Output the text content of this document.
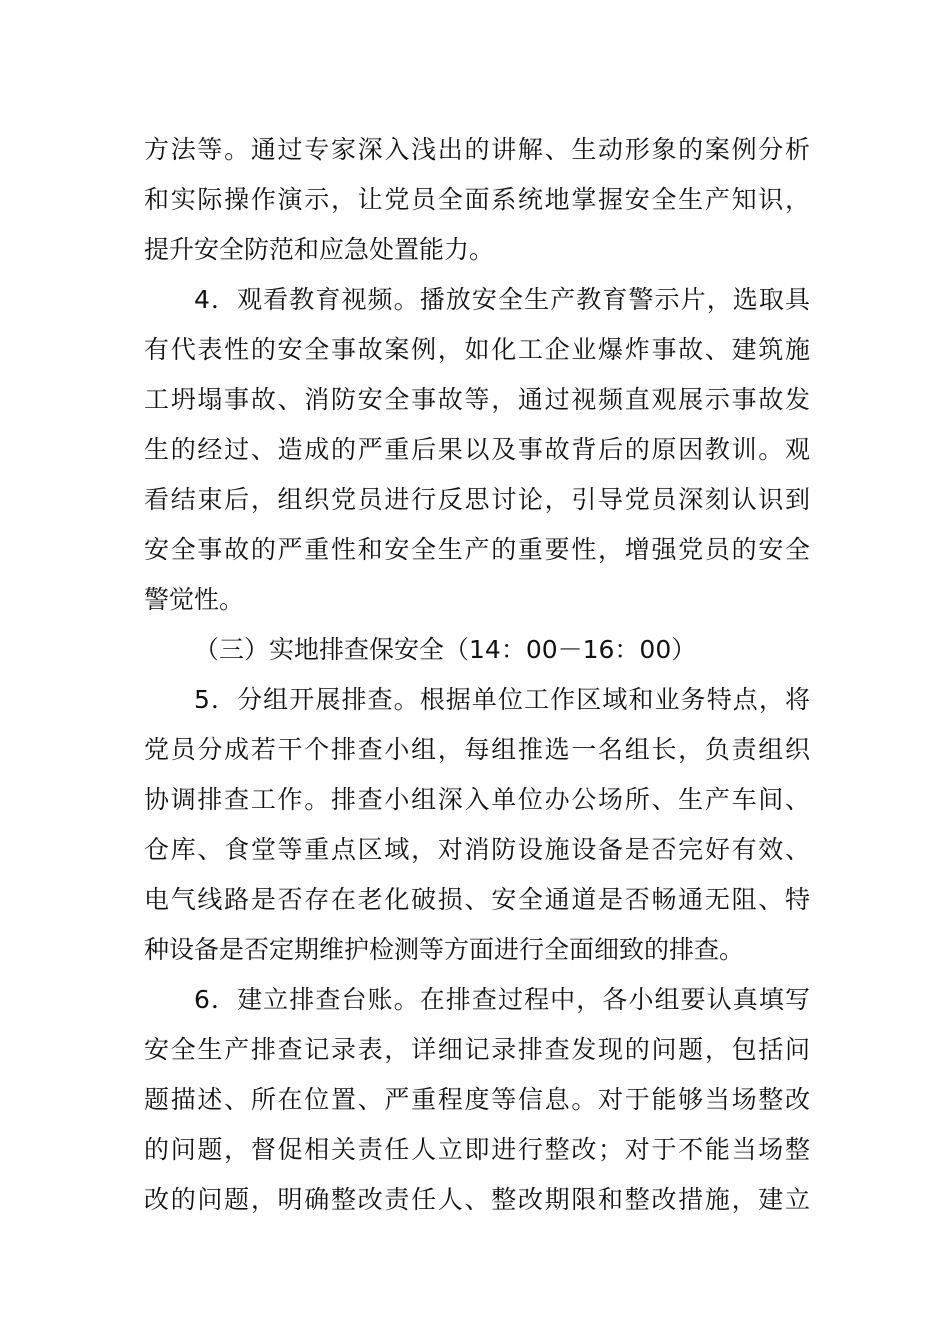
方法等。通过专家深入浅出的讲解、生动形象的案例分析
和实际操作演示，让党员全面系统地掌握安全生产知识，
提升安全防范和应急处置能力。
4．观看教育视频。播放安全生产教育警示片，选取具
有代表性的安全事故案例，如化工企业爆炸事故、建筑施
工坍塌事故、消防安全事故等，通过视频直观展示事故发
生的经过、造成的严重后果以及事故背后的原因教训。观
看结束后，组织党员进行反思讨论，引导党员深刻认识到
安全事故的严重性和安全生产的重要性，增强党员的安全
警觉性。
（三）实地排查保安全（14：00－16：00）
5．分组开展排查。根据单位工作区域和业务特点，将
党员分成若干个排查小组，每组推选一名组长，负责组织
协调排查工作。排查小组深入单位办公场所、生产车间、
仓库、食堂等重点区域，对消防设施设备是否完好有效、
电气线路是否存在老化破损、安全通道是否畅通无阻、特
种设备是否定期维护检测等方面进行全面细致的排查。
6．建立排查台账。在排查过程中，各小组要认真填写
安全生产排查记录表，详细记录排查发现的问题，包括问
题描述、所在位置、严重程度等信息。对于能够当场整改
的问题，督促相关责任人立即进行整改；对于不能当场整
改的问题，明确整改责任人、整改期限和整改措施，建立
